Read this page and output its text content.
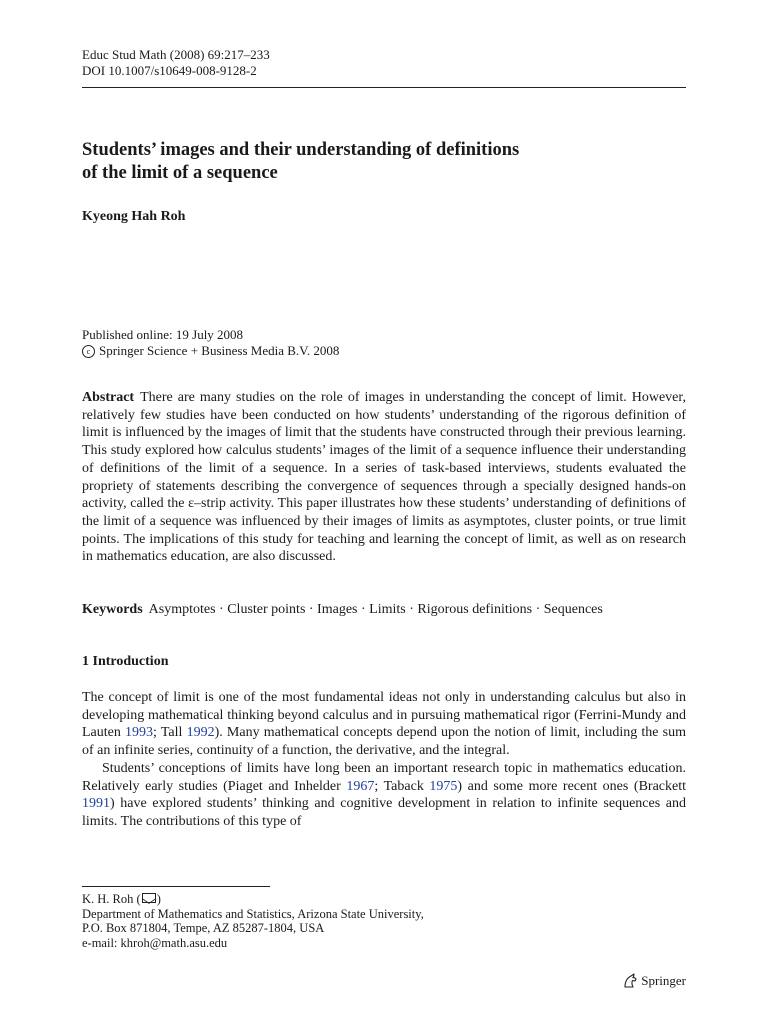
Educ Stud Math (2008) 69:217–233
DOI 10.1007/s10649-008-9128-2
Students’ images and their understanding of definitions
of the limit of a sequence
Kyeong Hah Roh
Published online: 19 July 2008
c Springer Science + Business Media B.V. 2008

Abstract There are many studies on the role of images in understanding the concept of limit. However, relatively few studies have been conducted on how students’ understanding of the rigorous definition of limit is influenced by the images of limit that the students have constructed through their previous learning. This study explored how calculus students’ images of the limit of a sequence influence their understanding of definitions of the limit of a sequence. In a series of task-based interviews, students evaluated the propriety of statements describing the convergence of sequences through a specially designed hands-on activity, called the ε–strip activity. This paper illustrates how these students’ understanding of definitions of the limit of a sequence was influenced by their images of limits as asymptotes, cluster points, or true limit points. The implications of this study for teaching and learning the concept of limit, as well as on research in mathematics education, are also discussed.

Keywords Asymptotes · Cluster points · Images · Limits · Rigorous definitions · Sequences
1 Introduction

The concept of limit is one of the most fundamental ideas not only in understanding calculus but also in developing mathematical thinking beyond calculus and in pursuing mathematical rigor (Ferrini-Mundy and Lauten 1993; Tall 1992). Many mathematical concepts depend upon the notion of limit, including the sum of an infinite series, continuity of a function, the derivative, and the integral.

Students’ conceptions of limits have long been an important research topic in mathematics education. Relatively early studies (Piaget and Inhelder 1967; Taback 1975) and some more recent ones (Brackett 1991) have explored students’ thinking and cognitive development in relation to infinite sequences and limits. The contributions of this type of

K. H. Roh ( )
Department of Mathematics and Statistics, Arizona State University,
P.O. Box 871804, Tempe, AZ 85287-1804, USA
e-mail: khroh@math.asu.edu
Springer
